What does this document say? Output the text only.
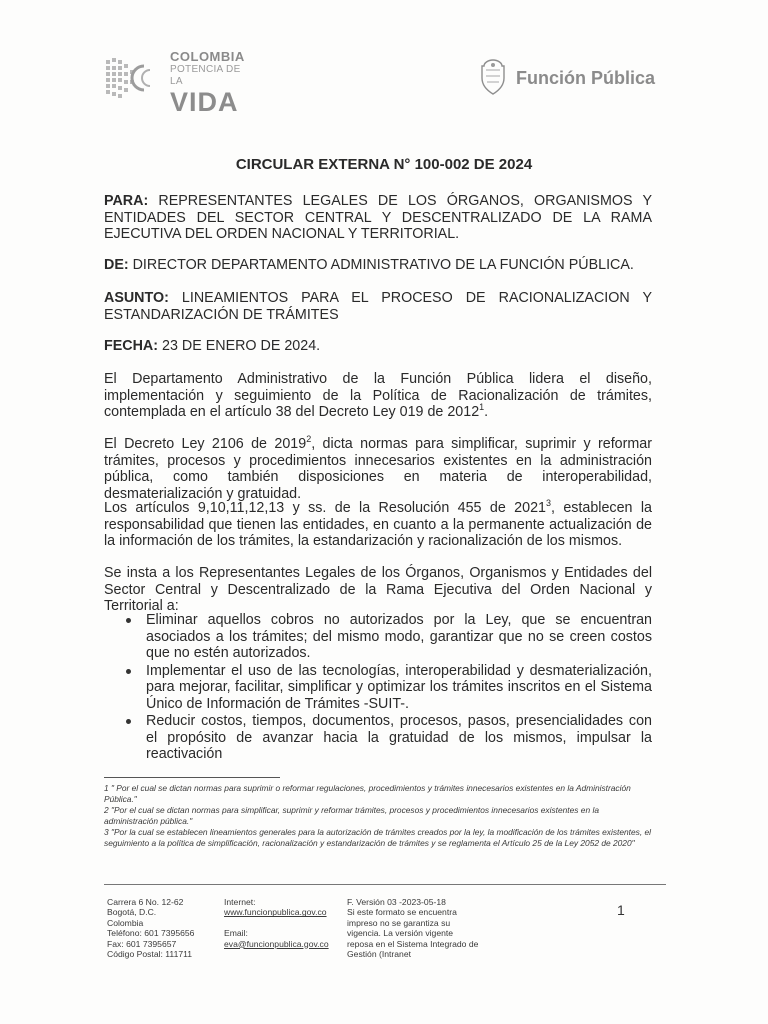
COLOMBIA
POTENCIA DE LA
VIDA
Función Pública
CIRCULAR EXTERNA N° 100-002 DE 2024
PARA: REPRESENTANTES LEGALES DE LOS ÓRGANOS, ORGANISMOS Y ENTIDADES DEL SECTOR CENTRAL Y DESCENTRALIZADO DE LA RAMA EJECUTIVA DEL ORDEN NACIONAL Y TERRITORIAL.
DE: DIRECTOR DEPARTAMENTO ADMINISTRATIVO DE LA FUNCIÓN PÚBLICA.
ASUNTO: LINEAMIENTOS PARA EL PROCESO DE RACIONALIZACION Y ESTANDARIZACIÓN DE TRÁMITES
FECHA: 23 DE ENERO DE 2024.
El Departamento Administrativo de la Función Pública lidera el diseño, implementación y seguimiento de la Política de Racionalización de trámites, contemplada en el artículo 38 del Decreto Ley 019 de 2012$^1$.
El Decreto Ley 2106 de 2019$^2$, dicta normas para simplificar, suprimir y reformar trámites, procesos y procedimientos innecesarios existentes en la administración pública, como también disposiciones en materia de interoperabilidad, desmaterialización y gratuidad.
Los artículos 9,10,11,12,13 y ss. de la Resolución 455 de 2021$^3$, establecen la responsabilidad que tienen las entidades, en cuanto a la permanente actualización de la información de los trámites, la estandarización y racionalización de los mismos.
Se insta a los Representantes Legales de los Órganos, Organismos y Entidades del Sector Central y Descentralizado de la Rama Ejecutiva del Orden Nacional y Territorial a:
Eliminar aquellos cobros no autorizados por la Ley, que se encuentran asociados a los trámites; del mismo modo, garantizar que no se creen costos que no estén autorizados.
Implementar el uso de las tecnologías, interoperabilidad y desmaterialización, para mejorar, facilitar, simplificar y optimizar los trámites inscritos en el Sistema Único de Información de Trámites -SUIT-.
Reducir costos, tiempos, documentos, procesos, pasos, presencialidades con el propósito de avanzar hacia la gratuidad de los mismos, impulsar la reactivación
1 " Por el cual se dictan normas para suprimir o reformar regulaciones, procedimientos y trámites innecesarios existentes en la Administración Pública."
2 "Por el cual se dictan normas para simplificar, suprimir y reformar trámites, procesos y procedimientos innecesarios existentes en la administración pública."
3 "Por la cual se establecen lineamientos generales para la autorización de trámites creados por la ley, la modificación de los trámites existentes, el seguimiento a la política de simplificación, racionalización y estandarización de trámites y se reglamenta el Artículo 25 de la Ley 2052 de 2020"
Carrera 6 No. 12-62
Bogotá, D.C.
Colombia
Teléfono: 601 7395656
Fax: 601 7395657
Código Postal: 111711
Internet:
www.funcionpublica.gov.co

Email:
eva@funcionpublica.gov.co
F. Versión 03 -2023-05-18
Si este formato se encuentra
impreso no se garantiza su
vigencia. La versión vigente
reposa en el Sistema Integrado de
Gestión (Intranet
1
